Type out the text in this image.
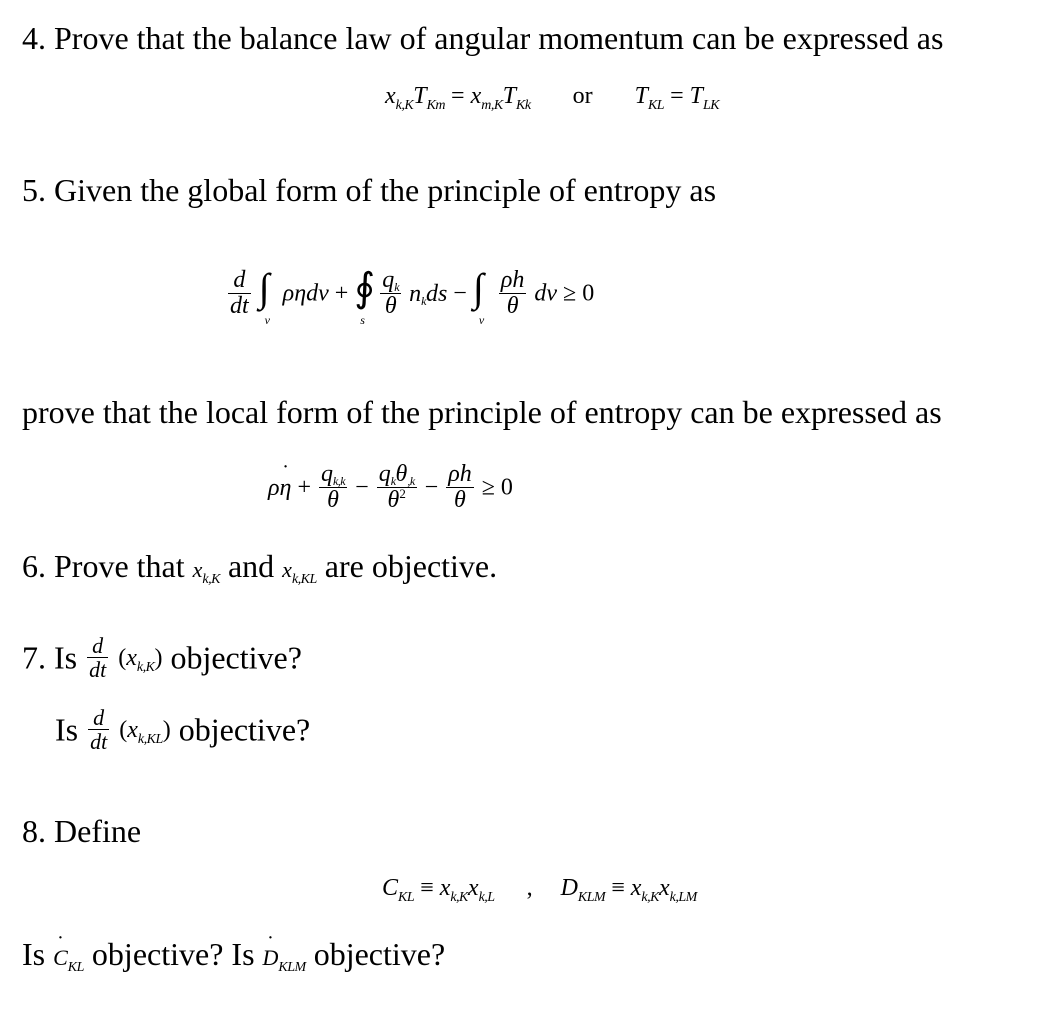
4. Prove that the balance law of angular momentum can be expressed as
$x_{k,K}T_{Km} = x_{m,K}T_{Kk}$ or $T_{KL} = T_{LK}$
5. Given the global form of the principle of entropy as
$\frac{d}{dt}$
∫
v
ρηdv + ∮
s

$\frac{qk}{\theta}$ nkds − ∫
v

$\frac{\rho h}{\theta}$ dv ≥ 0
prove that the local form of the principle of entropy can be expressed as
ρ˙ $\eta + \frac{qk,k}{\theta} - \frac{\text{qkθ,k}}{\theta^2} - \frac{\rho h}{\theta} \ge 0$
6. Prove that xk,K and xk,KL are objective.
7. Is $\frac{d}{dt} (x_{k,K})$ objective?
Is $\frac{d}{dt} (x_{k,KL})$ objective?
8. Define
$C_{KL} \equiv x_{k,K}x_{k,L}$ , $D_{KLM} \equiv x_{k,K}x_{k,LM}$
Is ˙ CKL objective? Is ˙ DKLM objective?
